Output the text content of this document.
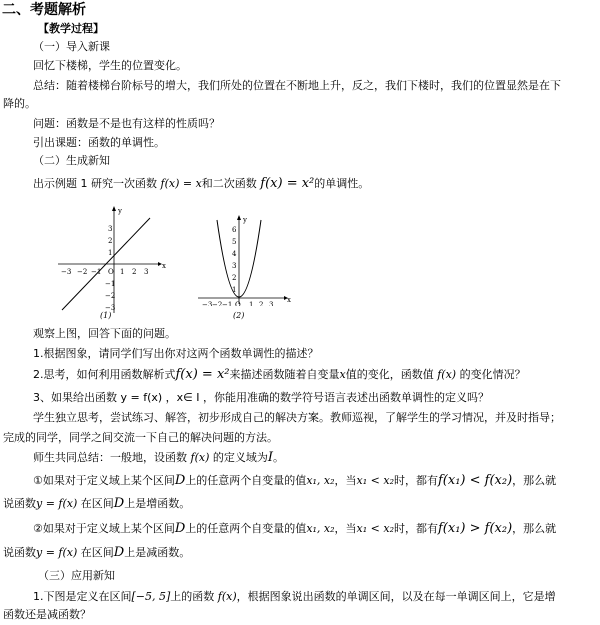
二、考题解析
【教学过程】
（一）导入新课
回忆下楼梯，学生的位置变化。
总结：随着楼梯台阶标号的增大，我们所处的位置在不断地上升，反之，我们下楼时，我们的位置显然是在下
降的。
问题：函数是不是也有这样的性质吗？
引出课题：函数的单调性。
（二）生成新知
出示例题 1 研究一次函数 f(x) = x和二次函数 f(x) = x²的单调性。
−3 −2 −1 O 1 2 3
3
2
1
−1
−2
−3
x
y
(1)
−3 −2 −1 O 1 2 3
6
5
4
3
2
1
x
y
(2)
观察上图，回答下面的问题。
1.根据图象，请同学们写出你对这两个函数单调性的描述？
2.思考，如何利用函数解析式f(x) = x²来描述函数随着自变量x值的变化，函数值 f(x) 的变化情况？
3、如果给出函数 y = f(x) ，x∈ I ，你能用准确的数学符号语言表述出函数单调性的定义吗？
学生独立思考，尝试练习、解答，初步形成自己的解决方案。教师巡视，了解学生的学习情况，并及时指导；
完成的同学，同学之间交流一下自己的解决问题的方法。
师生共同总结：一般地，设函数 f(x) 的定义域为I。
①如果对于定义域上某个区间D上的任意两个自变量的值x₁, x₂，当x₁ < x₂时，都有f(x₁) < f(x₂)，那么就
说函数y = f(x) 在区间D上是增函数。
②如果对于定义域上某个区间D上的任意两个自变量的值x₁, x₂，当x₁ < x₂时，都有f(x₁) > f(x₂)，那么就
说函数y = f(x) 在区间D上是减函数。
（三）应用新知
1.下图是定义在区间[−5, 5]上的函数 f(x)，根据图象说出函数的单调区间，以及在每一单调区间上，它是增
函数还是减函数？
